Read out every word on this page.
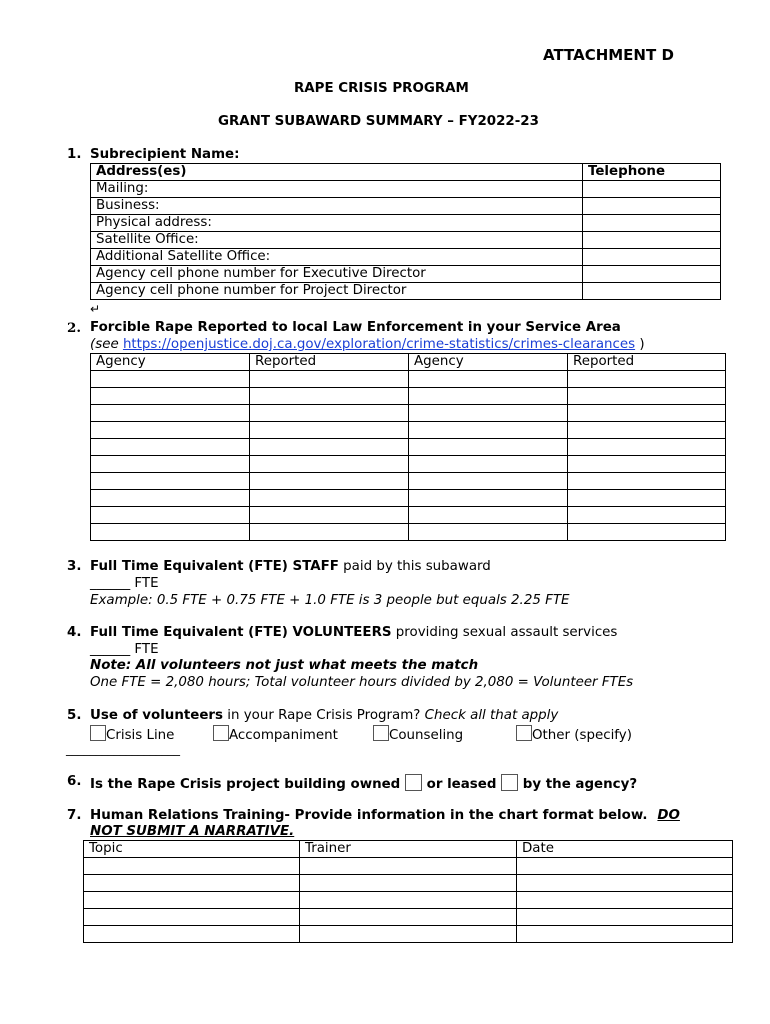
ATTACHMENT D
RAPE CRISIS PROGRAM
GRANT SUBAWARD SUMMARY – FY2022-23
1. Subrecipient Name:
Address(es)	Telephone
Mailing:	
Business:	
Physical address:	
Satellite Office:	
Additional Satellite Office:	
Agency cell phone number for Executive Director	
Agency cell phone number for Project Director	
↵
2. Forcible Rape Reported to local Law Enforcement in your Service Area
(see https://openjustice.doj.ca.gov/exploration/crime-statistics/crimes-clearances )
Agency	Reported	Agency	Reported

3. Full Time Equivalent (FTE) STAFF paid by this subaward
______ FTE
Example: 0.5 FTE + 0.75 FTE + 1.0 FTE is 3 people but equals 2.25 FTE
4. Full Time Equivalent (FTE) VOLUNTEERS providing sexual assault services
______ FTE
Note: All volunteers not just what meets the match
One FTE = 2,080 hours; Total volunteer hours divided by 2,080 = Volunteer FTEs
5. Use of volunteers in your Rape Crisis Program? Check all that apply
Crisis Line	Accompaniment	Counseling	Other (specify)
___________________
6. Is the Rape Crisis project building owned or leased by the agency?
7. Human Relations Training- Provide information in the chart format below. DO
NOT SUBMIT A NARRATIVE.
Topic	Trainer	Date
